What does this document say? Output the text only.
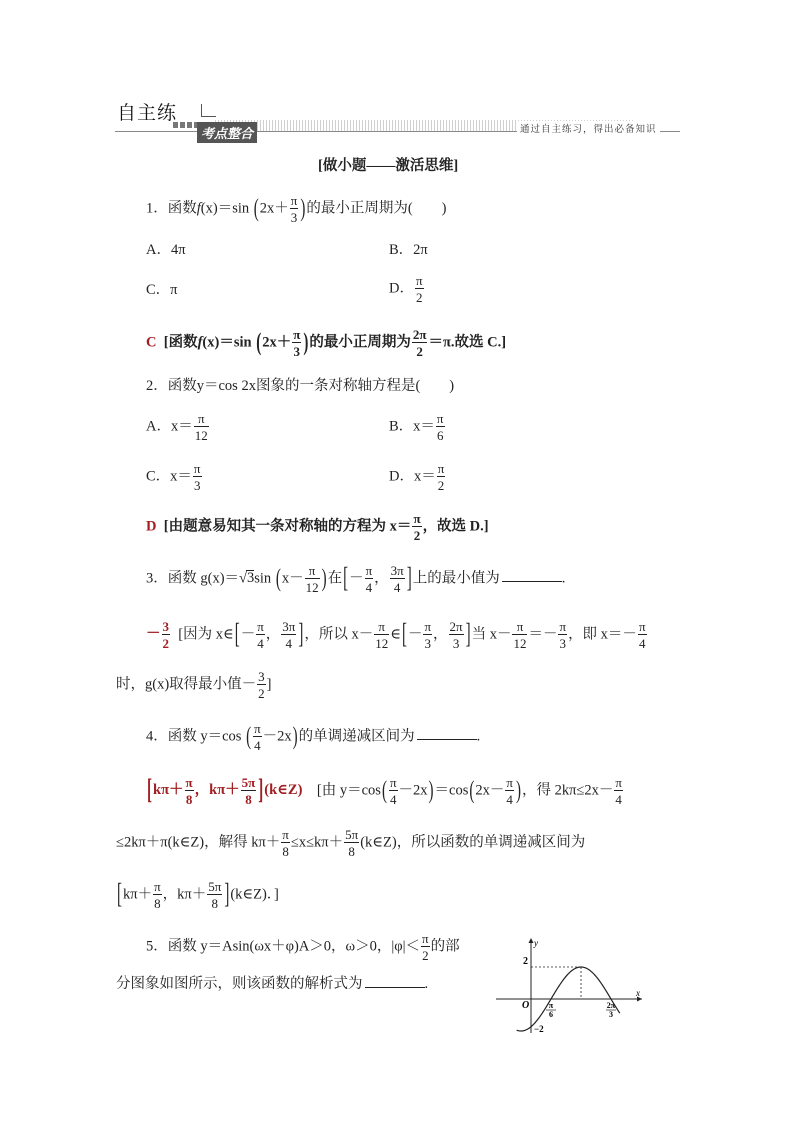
自主练
考点整合	通过自主练习，得出必备知识
[做小题——激活思维]
1．函数f(x)＝sin ($2x+ \frac{\pi}{3}$ )的最小正周期为(　　)
A．4π	B．2π
C．π	D． $\frac{\pi}{2}$
C [函数f(x)＝sin ($2x+ \frac{\pi}{3}$ )的最小正周期为 $\frac{2\pi}{2} =\pi$.故选 C.]
2．函数y＝cos 2x图象的一条对称轴方程是(　　)
A．$x= \frac{\pi}{12}$	B．$x= \frac{\pi}{6}$
C．$x= \frac{\pi}{3}$	D．$x= \frac{\pi}{2}$
D [由题意易知其一条对称轴的方程为 $x= \frac{\pi}{2}$ ，故选 D.]
3．函数 g(x)＝√3sin ($x- \frac{\pi}{12}$ )在[－ $\frac{\pi}{4}$ ， $\frac{3\pi}{4}$ ]上的最小值为	.
－ $\frac{3}{2}$ [因为 x∈[－ $\frac{\pi}{4}$ ， $\frac{3\pi}{4}$ ]，所以 $x- \frac{\pi}{12}$ ∈[－ $\frac{\pi}{3}$ ， $\frac{2\pi}{3}$ ]当 $x- \frac{\pi}{12} =- \frac{\pi}{3}$ ，即 $x=- \frac{\pi}{4}$
时，g(x)取得最小值－ $\frac{3}{2}$ ]
4．函数 y＝cos ( $\frac{\pi}{4} -2x$)的单调递减区间为	.
[$k\pi+ \frac{\pi}{8}$ ，$k\pi+ \frac{5\pi}{8}$ ](k∈Z) [由 $y=\cos( \frac{\pi}{4} -2x)=\cos(2x- \frac{\pi}{4}$ )，得 $2k\pi\le 2x- \frac{\pi}{4}$
≤2kπ＋π(k∈Z)，解得 $k\pi+ \frac{\pi}{8} \le x\le k\pi+ \frac{5\pi}{8}$ (k∈Z)，所以函数的单调递减区间为
[$k\pi+ \frac{\pi}{8}$ ，$k\pi+ \frac{5\pi}{8}$ ](k∈Z)．]
5．函数 y＝Asin(ωx＋φ)A＞0，ω＞0，$|\varphi|< \frac{\pi}{2}$ 的部
分图象如图所示，则该函数的解析式为	.
y
x
O
2
−2
π
6
2π
3
